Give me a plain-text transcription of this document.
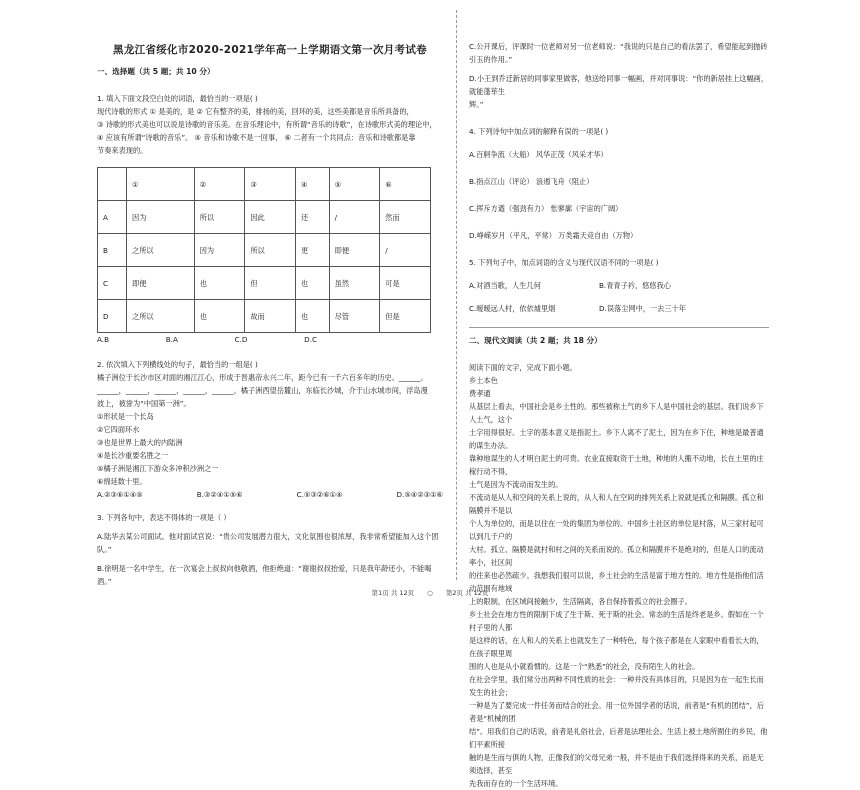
黑龙江省绥化市2020-2021学年高一上学期语文第一次月考试卷

一、选择题（共 5 题；共 10 分）

1. 填入下面文段空白处的词语，最恰当的一项是( )

现代诗歌的形式 ① 是美的，是 ② 它有整齐的美，排扬的美，回环的美，这些美都是音乐所具备的，

③ 诗歌的形式美也可以说是诗歌的音乐美。在音乐理论中，有所谓“音乐的诗歌”，在诗歌形式美的理论中，

④ 应该有所谓“诗歌的音乐”。 ⑤ 音乐和诗歌不是一回事， ⑥ 二者有一个共同点：音乐和诗歌都是靠

节奏来表现的。

	①	②	③	④	⑤	⑥
A	因为	所以	因此	还	/	然而
B	之所以	因为	所以	更	即便	/
C	即便	也	但	也	虽然	可是
D	之所以	也	故而	也	尽管	但是
A.B	B.A	C.D	D.C

2. 依次填入下列横线处的句子，最恰当的一组是( )

橘子洲位于长沙市区对面的湘江江心，形成于晋惠帝永兴二年，距今已有一千六百多年的历史。______。

______，______，______，______，______。橘子洲西望岳麓山，东临长沙城，介于山水城市间，浮岛漫

波上，被誉为“中国第一洲”。

①形状是一个长岛

②它四面环水

③也是世界上最大的内陆洲

④是长沙重要名胜之一

⑤橘子洲是湘江下游众多冲积沙洲之一

⑥绵延数十里。

A.②③⑥①④⑤	B.③②④①⑤⑥	C.⑤③②⑥①④	D.⑤④②③①⑥

3. 下列各句中，表达不得体的一项是（ ）

A.陆华去某公司面试。他对面试官说：“贵公司发展潜力很大，文化氛围也很浓厚，我非常希望能加入这个团

队。”

B.徐明是一名中学生，在一次宴会上叔叔向他敬酒，他拒绝道：“谢谢叔叔抬爱，只是我年龄还小，不能喝

酒。”

C.公开课后，评课时一位老师对另一位老师说：“我说的只是自己的看法罢了，希望能起到抛砖引玉的作用。”

D.小王到乔迁新居的同事家里做客，他送给同事一幅画，并对同事说：“你的新居挂上这幅画，就能蓬荜生

辉。”

4. 下列诗句中加点词的解释有误的一项是( )

A.百舸争流（大船） 风华正茂（风采才华）

B.指点江山（评论） 浪遏飞舟（阻止）

C.挥斥方遒（强劲有力） 怅寥廓（宇宙的广阔）

D.峥嵘岁月（平凡，平常） 万类霜天竞自由（万物）

5. 下列句子中，加点词语的含义与现代汉语不同的一项是( )

A.对酒当歌，人生几何	B.青青子衿，悠悠我心
C.暧暧远人村，依依墟里烟	D.误落尘网中，一去三十年

二、现代文阅读（共 2 题；共 18 分）

阅读下面的文字，完成下面小题。

乡土本色

费孝通

从基层上看去，中国社会是乡土性的。那些被称土气的乡下人是中国社会的基层。我们说乡下人土气，这个

土字用得很好。土字的基本意义是指泥土。乡下人离不了泥土，因为在乡下住，种地是最普通的谋生办法。

靠种地谋生的人才明白泥土的可贵。农业直接取资于土地，种地的人搬不动地，长在土里的庄稼行动不得，

土气是因为不流动而发生的。

不流动是从人和空间的关系上说的，从人和人在空间的排列关系上说就是孤立和隔膜。孤立和隔膜并不是以

个人为单位的，而是以住在一处的集团为单位的。中国乡土社区的单位是村落，从三家村起可以到几千户的

大村。孤立、隔膜是就村和村之间的关系而说的。孤立和隔膜并不是绝对的，但是人口的流动率小，社区间

的往来也必然疏少。我想我们很可以说，乡土社会的生活是富于地方性的。地方性是指他们活动范围有地域

上的限制，在区域间接触少，生活隔离，各自保持着孤立的社会圈子。

乡土社会在地方性的限制下成了生于斯、死于斯的社会。常态的生活是终老是乡。假如在一个村子里的人都

是这样的话，在人和人的关系上也就发生了一种特色，每个孩子都是在人家眼中看着长大的，在孩子眼里周

围的人也是从小就看惯的。这是一个“熟悉”的社会，没有陌生人的社会。

在社会学里，我们常分出两种不同性质的社会：一种并没有具体目的，只是因为在一起生长而发生的社会；

一种是为了要完成一件任务而结合的社会。用一位外国学者的话说，前者是“有机的团结”，后者是“机械的团

结”。用我们自己的话说，前者是礼俗社会，后者是法理社会。生活上被土地所囿住的乡民，他们平素所接

触的是生而与俱的人物，正像我们的父母兄弟一般，并不是由于我们选择得来的关系，而是无须选择，甚至

先我而存在的一个生活环境。

第1页 共 12页　　○　　第2页 共 12页
